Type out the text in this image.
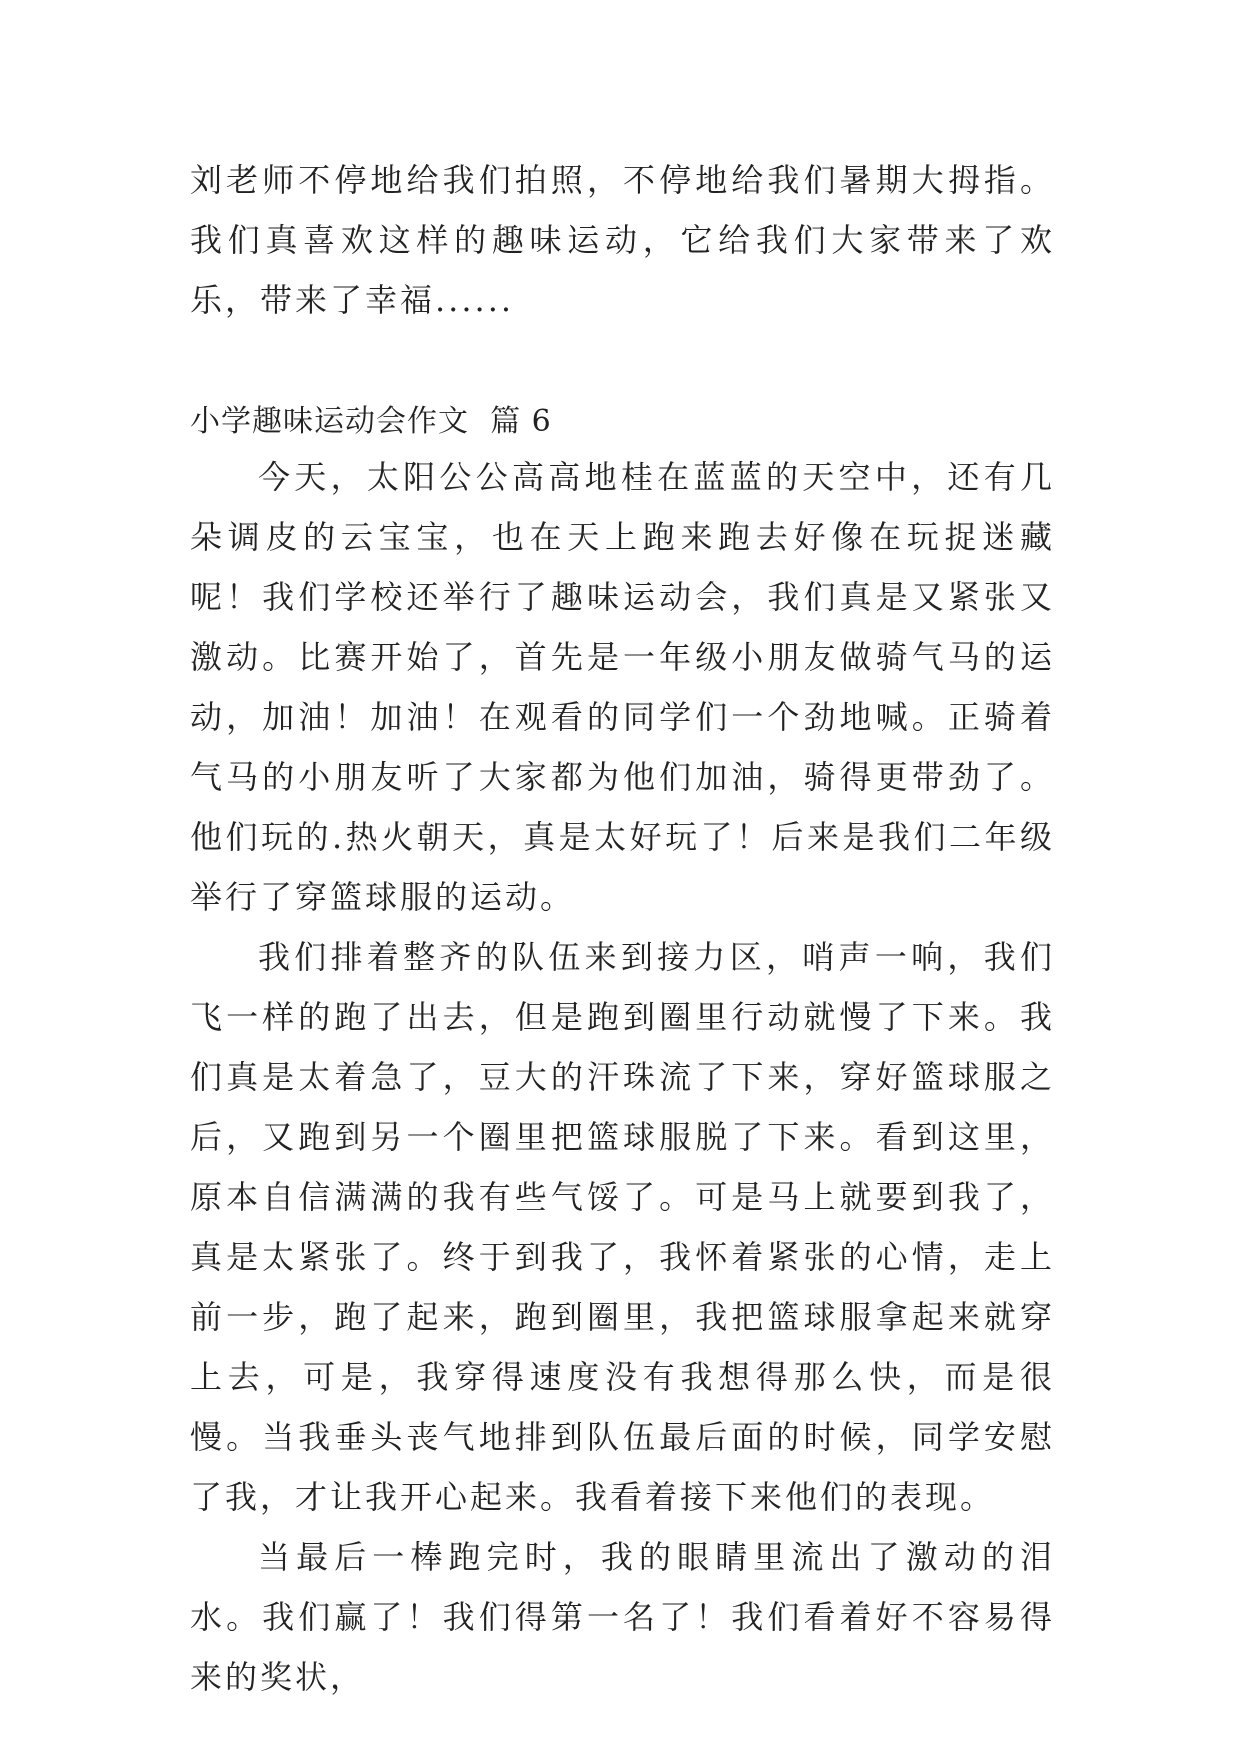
刘老师不停地给我们拍照，不停地给我们暑期大拇指。我们真喜欢这样的趣味运动，它给我们大家带来了欢乐，带来了幸福......

小学趣味运动会作文  篇 6

今天，太阳公公高高地桂在蓝蓝的天空中，还有几朵调皮的云宝宝，也在天上跑来跑去好像在玩捉迷藏呢！我们学校还举行了趣味运动会，我们真是又紧张又激动。比赛开始了，首先是一年级小朋友做骑气马的运动，加油！加油！在观看的同学们一个劲地喊。正骑着气马的小朋友听了大家都为他们加油，骑得更带劲了。他们玩的.热火朝天，真是太好玩了！后来是我们二年级举行了穿篮球服的运动。

我们排着整齐的队伍来到接力区，哨声一响，我们飞一样的跑了出去，但是跑到圈里行动就慢了下来。我们真是太着急了，豆大的汗珠流了下来，穿好篮球服之后，又跑到另一个圈里把篮球服脱了下来。看到这里，原本自信满满的我有些气馁了。可是马上就要到我了，真是太紧张了。终于到我了，我怀着紧张的心情，走上前一步，跑了起来，跑到圈里，我把篮球服拿起来就穿上去，可是，我穿得速度没有我想得那么快，而是很慢。当我垂头丧气地排到队伍最后面的时候，同学安慰了我，才让我开心起来。我看着接下来他们的表现。

当最后一棒跑完时，我的眼睛里流出了激动的泪水。我们赢了！我们得第一名了！我们看着好不容易得来的奖状，
